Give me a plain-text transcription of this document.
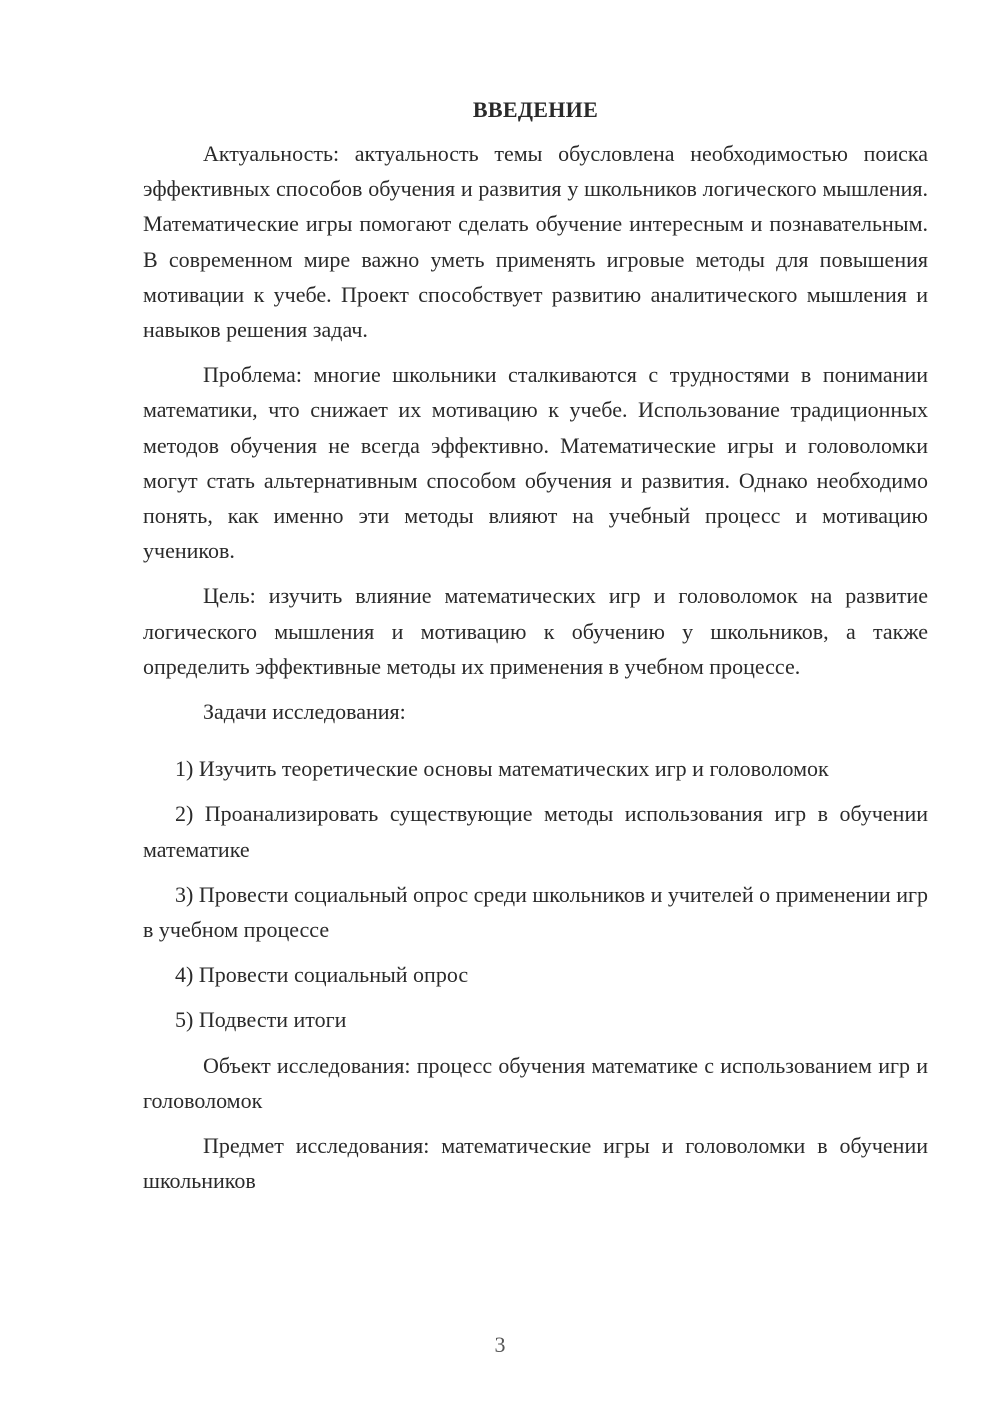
ВВЕДЕНИЕ

Актуальность: актуальность темы обусловлена необходимостью поиска эффективных способов обучения и развития у школьников логического мышления. Математические игры помогают сделать обучение интересным и познавательным. В современном мире важно уметь применять игровые методы для повышения мотивации к учебе. Проект способствует развитию аналитического мышления и навыков решения задач.

Проблема: многие школьники сталкиваются с трудностями в понимании математики, что снижает их мотивацию к учебе. Использование традиционных методов обучения не всегда эффективно. Математические игры и головоломки могут стать альтернативным способом обучения и развития. Однако необходимо понять, как именно эти методы влияют на учебный процесс и мотивацию учеников.

Цель: изучить влияние математических игр и головоломок на развитие логического мышления и мотивацию к обучению у школьников, а также определить эффективные методы их применения в учебном процессе.

Задачи исследования:

1) Изучить теоретические основы математических игр и головоломок

2) Проанализировать существующие методы использования игр в обучении математике

3) Провести социальный опрос среди школьников и учителей о применении игр в учебном процессе

4) Провести социальный опрос

5) Подвести итоги

Объект исследования: процесс обучения математике с использованием игр и головоломок

Предмет исследования: математические игры и головоломки в обучении школьников

3
